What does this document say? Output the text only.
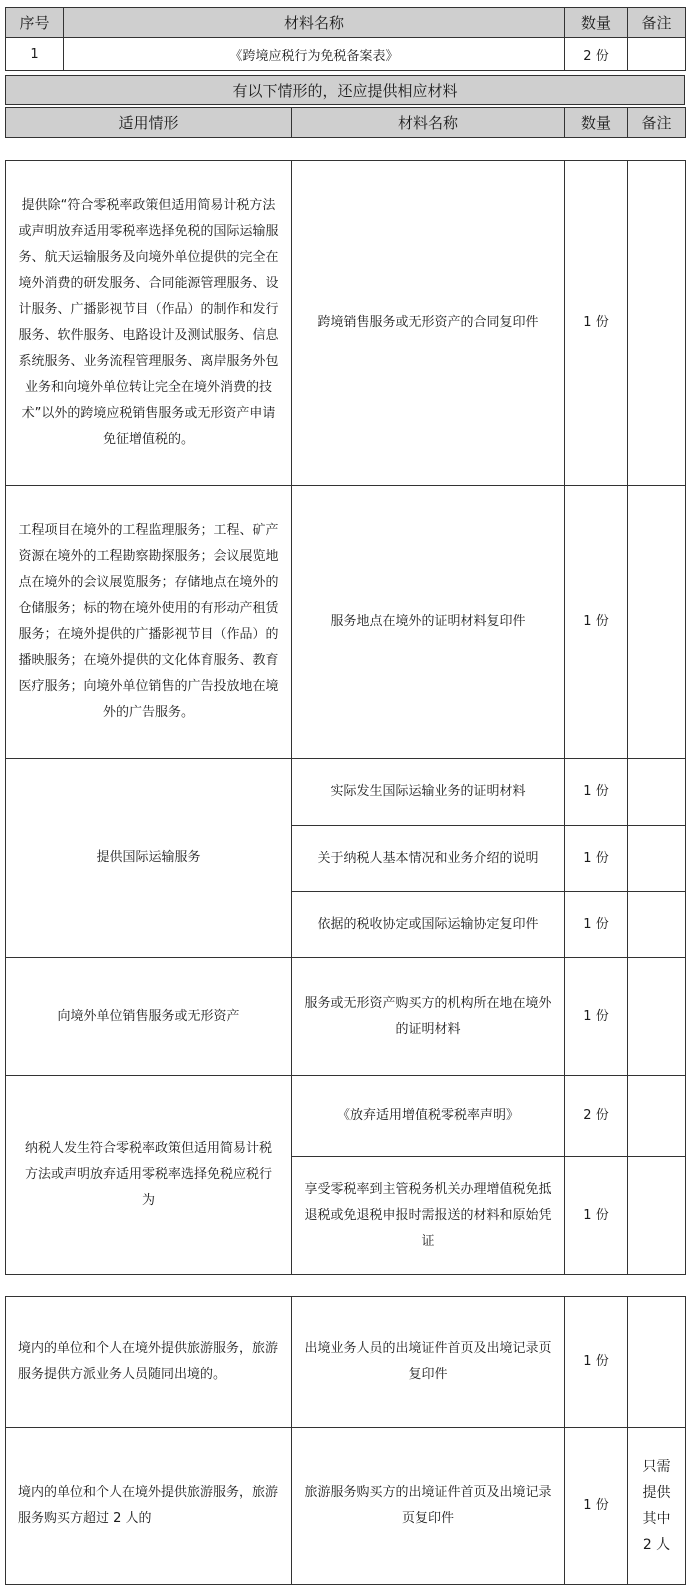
序号	材料名称	数量	备注
1	《跨境应税行为免税备案表》	2 份	
有以下情形的，还应提供相应材料
适用情形	材料名称	数量	备注
提供除“符合零税率政策但适用简易计税方法或声明放弃适用零税率选择免税的国际运输服务、航天运输服务及向境外单位提供的完全在境外消费的研发服务、合同能源管理服务、设计服务、广播影视节目（作品）的制作和发行服务、软件服务、电路设计及测试服务、信息系统服务、业务流程管理服务、离岸服务外包业务和向境外单位转让完全在境外消费的技术”以外的跨境应税销售服务或无形资产申请免征增值税的。	跨境销售服务或无形资产的合同复印件	1 份	
工程项目在境外的工程监理服务；工程、矿产资源在境外的工程勘察勘探服务；会议展览地点在境外的会议展览服务；存储地点在境外的仓储服务；标的物在境外使用的有形动产租赁服务；在境外提供的广播影视节目（作品）的播映服务；在境外提供的文化体育服务、教育医疗服务；向境外单位销售的广告投放地在境外的广告服务。	服务地点在境外的证明材料复印件	1 份	
提供国际运输服务	实际发生国际运输业务的证明材料	1 份	
	关于纳税人基本情况和业务介绍的说明	1 份	
	依据的税收协定或国际运输协定复印件	1 份	
向境外单位销售服务或无形资产	服务或无形资产购买方的机构所在地在境外的证明材料	1 份	
纳税人发生符合零税率政策但适用简易计税方法或声明放弃适用零税率选择免税应税行为	《放弃适用增值税零税率声明》	2 份	
	享受零税率到主管税务机关办理增值税免抵退税或免退税申报时需报送的材料和原始凭证	1 份	
境内的单位和个人在境外提供旅游服务，旅游服务提供方派业务人员随同出境的。	出境业务人员的出境证件首页及出境记录页复印件	1 份	
境内的单位和个人在境外提供旅游服务，旅游服务购买方超过 2 人的	旅游服务购买方的出境证件首页及出境记录页复印件	1 份	只需提供其中 2 人
